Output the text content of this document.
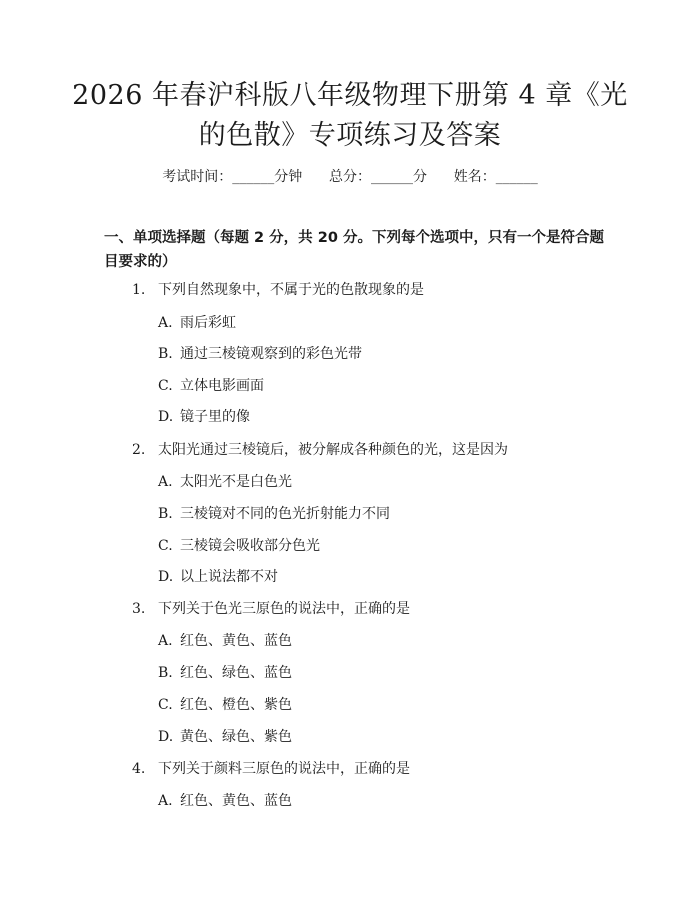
2026 年春沪科版八年级物理下册第 4 章《光
的色散》专项练习及答案
考试时间：______分钟      总分：______分      姓名：______
一、单项选择题（每题 2 分，共 20 分。下列每个选项中，只有一个是符合题目要求的）
1. 下列自然现象中，不属于光的色散现象的是
A. 雨后彩虹
B. 通过三棱镜观察到的彩色光带
C. 立体电影画面
D. 镜子里的像
2. 太阳光通过三棱镜后，被分解成各种颜色的光，这是因为
A. 太阳光不是白色光
B. 三棱镜对不同的色光折射能力不同
C. 三棱镜会吸收部分色光
D. 以上说法都不对
3. 下列关于色光三原色的说法中，正确的是
A. 红色、黄色、蓝色
B. 红色、绿色、蓝色
C. 红色、橙色、紫色
D. 黄色、绿色、紫色
4. 下列关于颜料三原色的说法中，正确的是
A. 红色、黄色、蓝色
